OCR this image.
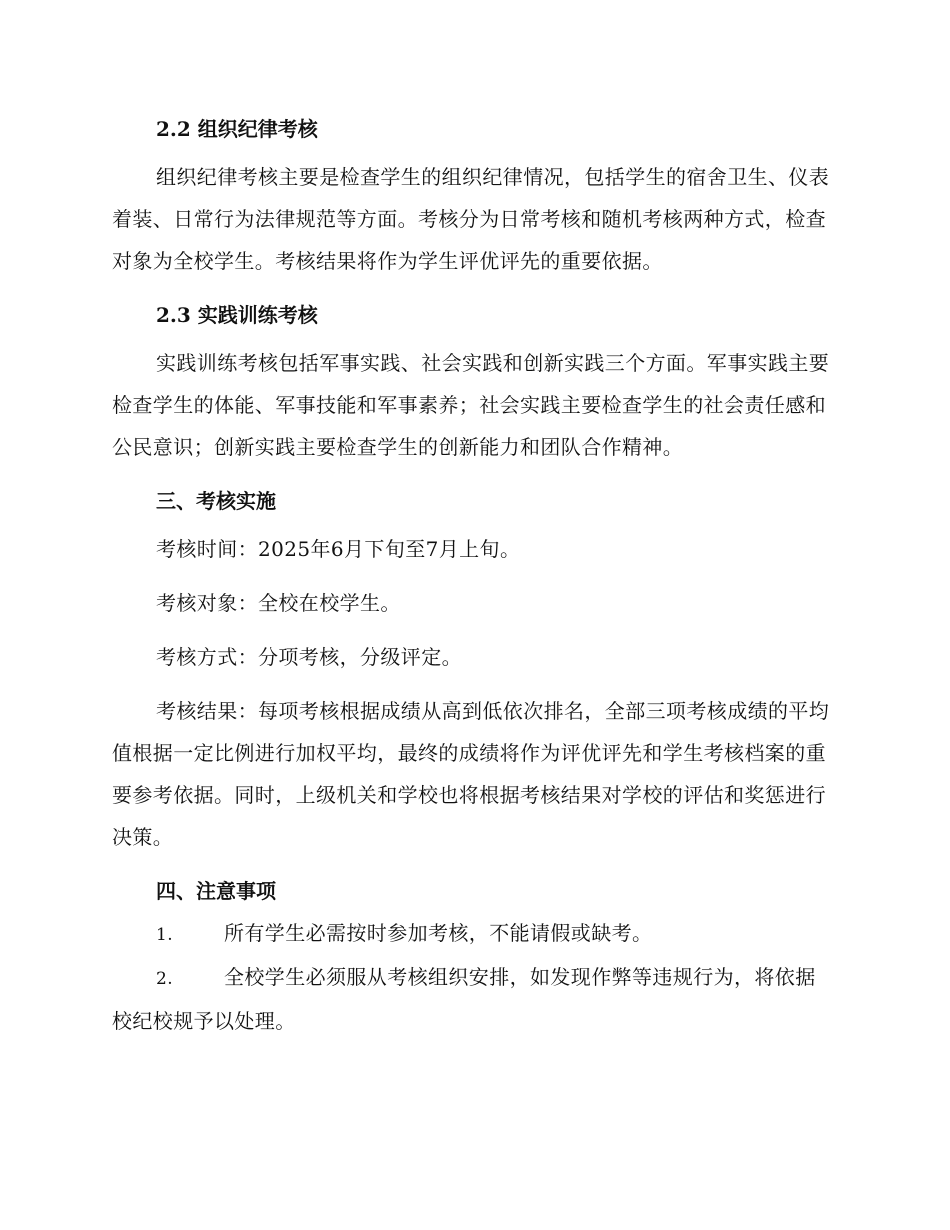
2.2 组织纪律考核

组织纪律考核主要是检查学生的组织纪律情况，包括学生的宿舍卫生、仪表着装、日常行为法律规范等方面。考核分为日常考核和随机考核两种方式，检查对象为全校学生。考核结果将作为学生评优评先的重要依据。

2.3 实践训练考核

实践训练考核包括军事实践、社会实践和创新实践三个方面。军事实践主要检查学生的体能、军事技能和军事素养；社会实践主要检查学生的社会责任感和公民意识；创新实践主要检查学生的创新能力和团队合作精神。

三、考核实施

考核时间：2025年6月下旬至7月上旬。

考核对象：全校在校学生。

考核方式：分项考核，分级评定。

考核结果：每项考核根据成绩从高到低依次排名，全部三项考核成绩的平均值根据一定比例进行加权平均，最终的成绩将作为评优评先和学生考核档案的重要参考依据。同时，上级机关和学校也将根据考核结果对学校的评估和奖惩进行决策。

四、注意事项

1.	所有学生必需按时参加考核，不能请假或缺考。

2.	全校学生必须服从考核组织安排，如发现作弊等违规行为，将依据校纪校规予以处理。
